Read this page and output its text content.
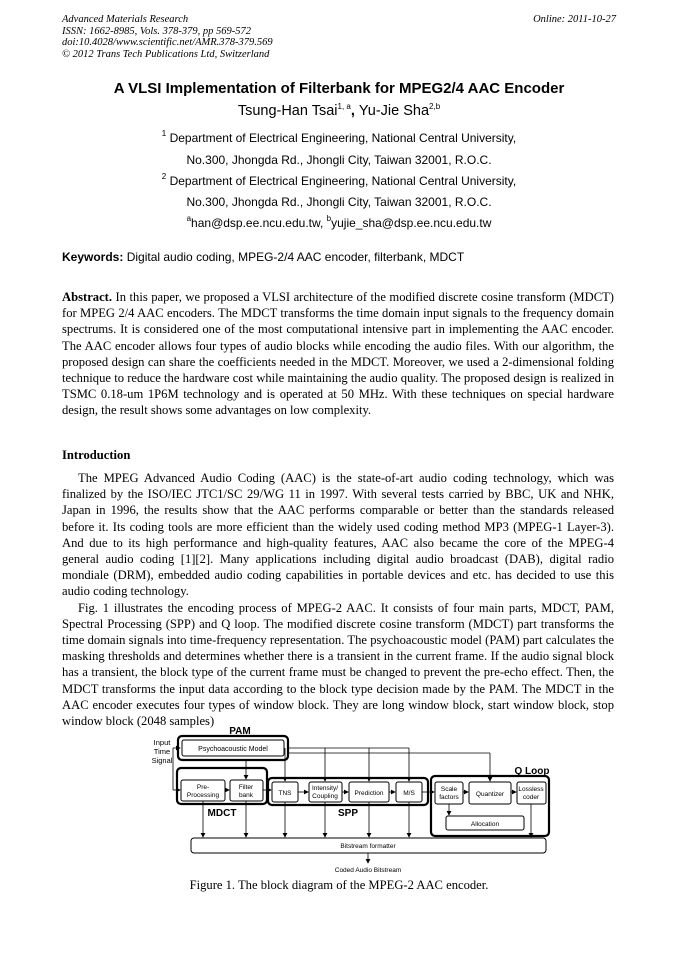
Advanced Materials Research
ISSN: 1662-8985, Vols. 378-379, pp 569-572
doi:10.4028/www.scientific.net/AMR.378-379.569
© 2012 Trans Tech Publications Ltd, Switzerland
Online: 2011-10-27
A VLSI Implementation of Filterbank for MPEG2/4 AAC Encoder
Tsung-Han Tsai$^{1, a}$, Yu-Jie Sha$^{2,b}$
$^1$ Department of Electrical Engineering, National Central University,
No.300, Jhongda Rd., Jhongli City, Taiwan 32001, R.O.C.
$^2$ Department of Electrical Engineering, National Central University,
No.300, Jhongda Rd., Jhongli City, Taiwan 32001, R.O.C.
$^a$han@dsp.ee.ncu.edu.tw, $^b$yujie_sha@dsp.ee.ncu.edu.tw
Keywords: Digital audio coding, MPEG-2/4 AAC encoder, filterbank, MDCT

Abstract. In this paper, we proposed a VLSI architecture of the modified discrete cosine transform (MDCT) for MPEG 2/4 AAC encoders. The MDCT transforms the time domain input signals to the frequency domain spectrums. It is considered one of the most computational intensive part in implementing the AAC encoder. The AAC encoder allows four types of audio blocks while encoding the audio files. With our algorithm, the proposed design can share the coefficients needed in the MDCT. Moreover, we used a 2-dimensional folding technique to reduce the hardware cost while maintaining the audio quality. The proposed design is realized in TSMC 0.18-um 1P6M technology and is operated at 50 MHz. With these techniques on special hardware design, the result shows some advantages on low complexity.

Introduction

The MPEG Advanced Audio Coding (AAC) is the state-of-art audio coding technology, which was finalized by the ISO/IEC JTC1/SC 29/WG 11 in 1997. With several tests carried by BBC, UK and NHK, Japan in 1996, the results show that the AAC performs comparable or better than the standards released before it. Its coding tools are more efficient than the widely used coding method MP3 (MPEG-1 Layer-3). And due to its high performance and high-quality features, AAC also became the core of the MPEG-4 general audio coding [1][2]. Many applications including digital audio broadcast (DAB), digital radio mondiale (DRM), embedded audio coding capabilities in portable devices and etc. has decided to use this audio coding technology.

Fig. 1 illustrates the encoding process of MPEG-2 AAC. It consists of four main parts, MDCT, PAM, Spectral Processing (SPP) and Q loop. The modified discrete cosine transform (MDCT) part transforms the time domain signals into time-frequency representation. The psychoacoustic model (PAM) part calculates the masking thresholds and determines whether there is a transient in the current frame. If the audio signal block has a transient, the block type of the current frame must be changed to prevent the pre-echo effect. Then, the MDCT transforms the input data according to the block type decision made by the PAM. The MDCT in the AAC encoder executes four types of window block. They are long window block, start window block, stop window block (2048 samples)

Input
Time
Signal
PAM
Psychoacoustic Model
Pre-
Processing
Filter
bank
MDCT
TNS
Intensity/
Coupling	Prediction	M/S
SPP
Q Loop
Scale
factors	Quantizer
Lossless
coder
Allocation
Bitstream formatter
Coded Audio Bitstream
Figure 1. The block diagram of the MPEG-2 AAC encoder.
